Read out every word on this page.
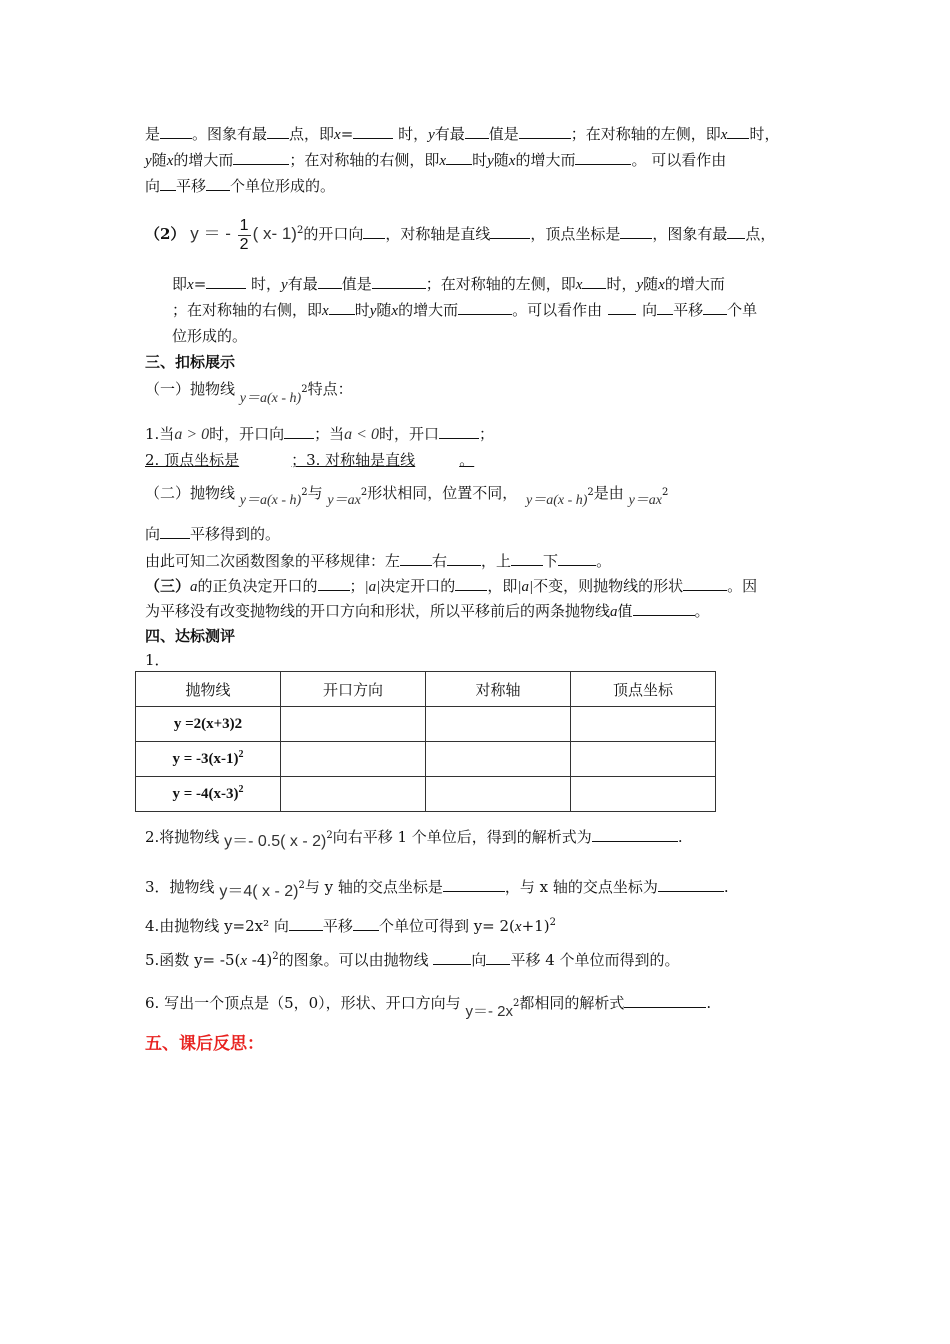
是 。图象有最 点，即x=	时，y有最 值是	；在对称轴的左侧，即x 时，
y随x的增大而	；在对称轴的右侧，即x 时y随x的增大而	。 可以看作由
向 平移 个单位形成的。
（2） y ＝ - $\frac{1}{2}$ ( x- 1)$^2$的开口向 ，对称轴是直线	，顶点坐标是 ，图象有最 点，
即x=	时，y有最 值是	；在对称轴的左侧，即x 时，y随x的增大而
；在对称轴的右侧，即x 时y随x的增大而	。可以看作由	向 平移 个单
位形成的。
三、扣标展示
（一）抛物线 y＝a(x - h)$^2$特点：
1.当a > 0时，开口向 ；当a < 0时，开口	；
2. 顶点坐标是	；3. 对称轴是直线	。
（二）抛物线 y＝a(x - h)$^2$与 $y=ax^2$形状相同，位置不同， y＝a(x - h)$^2$是由 $y=ax^2$
向 平移得到的。
由此可知二次函数图象的平移规律：左 右 ，上 下	。
（三）a的正负决定开口的 ；|a|决定开口的 ，即|a|不变，则抛物线的形状	。因
为平移没有改变抛物线的开口方向和形状，所以平移前后的两条抛物线a值	。
四、达标测评
1．
抛物线	开口方向	对称轴	顶点坐标
y =2(x+3)2			
$y = -3(x-1)^2$			
$y = -4(x-3)^2$			
2.将抛物线 y＝- 0.5( x - 2)$^2$向右平移 1 个单位后，得到的解析式为	.
3．抛物线 y＝4( x - 2)$^2$与 y 轴的交点坐标是	，与 x 轴的交点坐标为	.
4.由抛物线 y=2x² 向 平移 个单位可得到 $y= 2(x+1)^2$
5.函数 y= -5(x -4)$^2$的图象。可以由抛物线	向 平移 4 个单位而得到的。
6. 写出一个顶点是（5，0），形状、开口方向与 y＝- $2x^2$都相同的解析式	.
五、课后反思：
